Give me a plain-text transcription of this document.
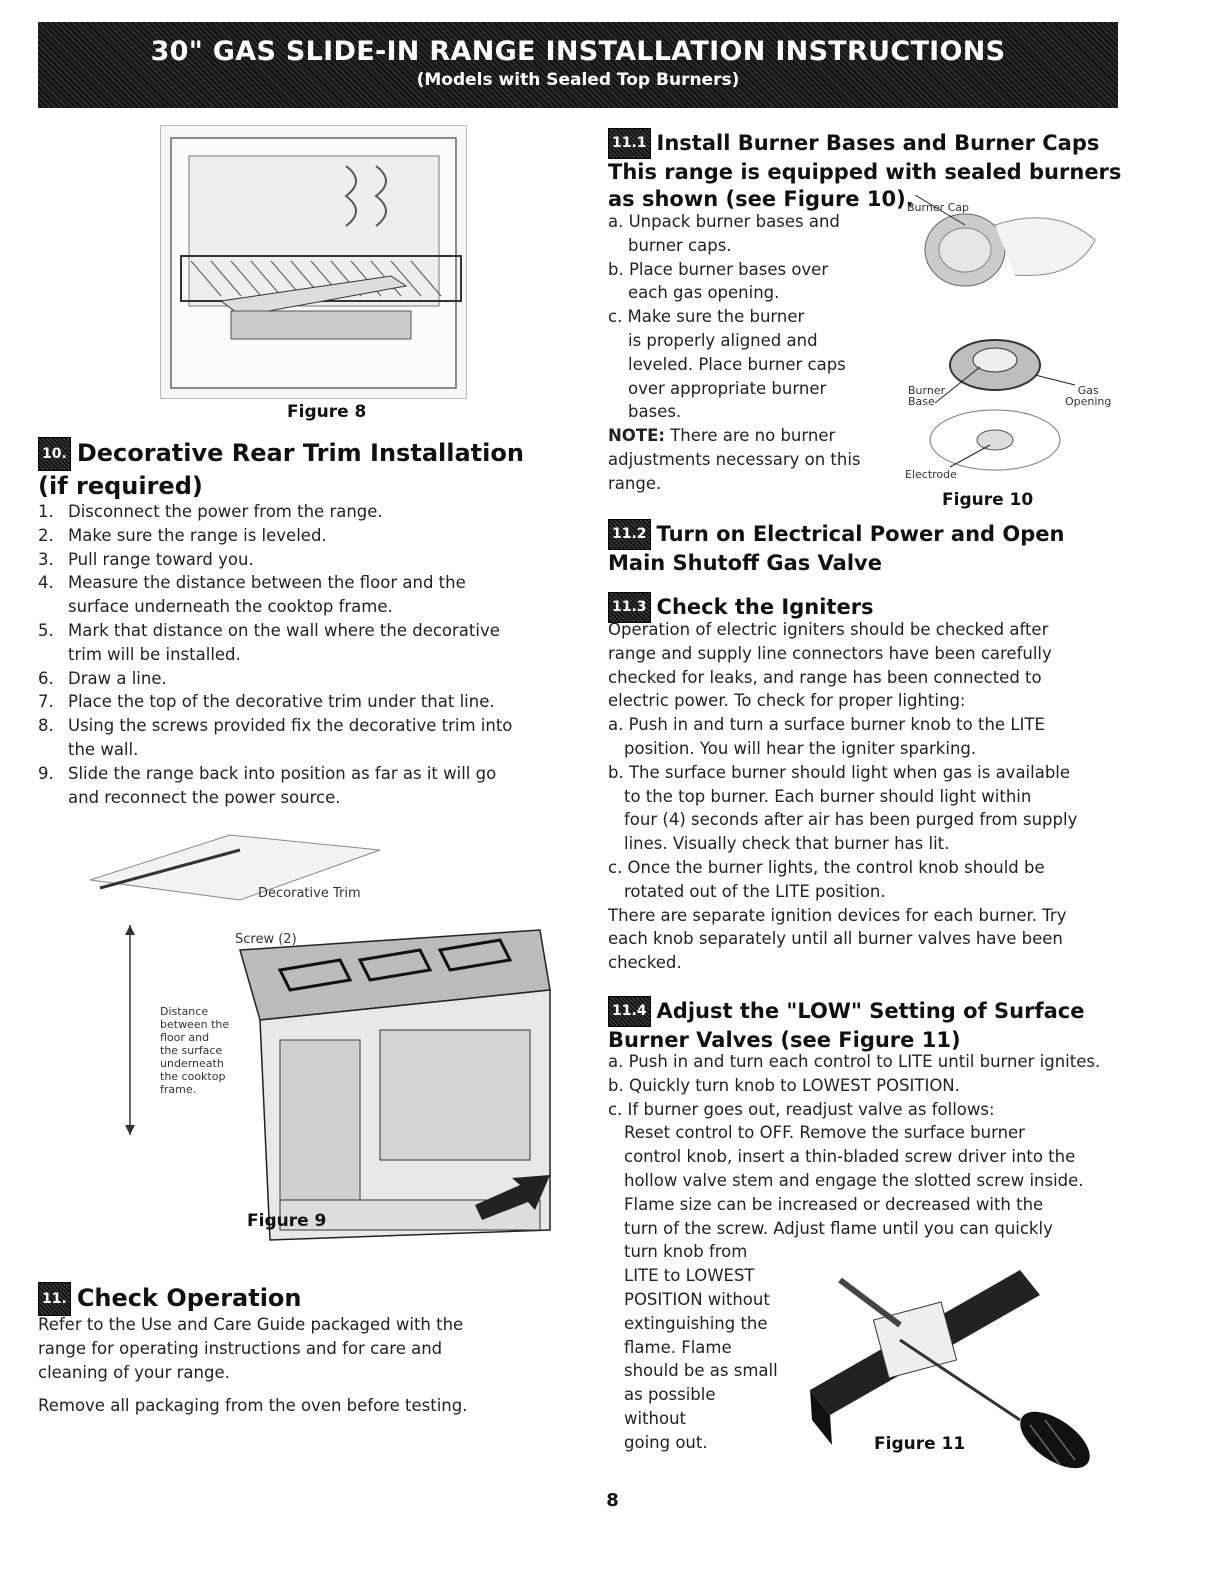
30" GAS SLIDE-IN RANGE INSTALLATION INSTRUCTIONS
(Models with Sealed Top Burners)
Figure 8
10. Decorative Rear Trim Installation
(if required)
1. Disconnect the power from the range.
2. Make sure the range is leveled.
3. Pull range toward you.
4. Measure the distance between the floor and the
surface underneath the cooktop frame.
5. Mark that distance on the wall where the decorative
trim will be installed.
6. Draw a line.
7. Place the top of the decorative trim under that line.
8. Using the screws provided fix the decorative trim into
the wall.
9. Slide the range back into position as far as it will go
and reconnect the power source.
Decorative Trim
Screw (2)
Distance
between the
floor and
the surface
underneath
the cooktop
frame.
Figure 9
11. Check Operation
Refer to the Use and Care Guide packaged with the
range for operating instructions and for care and
cleaning of your range.
Remove all packaging from the oven before testing.
11.1 Install Burner Bases and Burner Caps
This range is equipped with sealed burners
as shown (see Figure 10).
a. Unpack burner bases and
burner caps.
b. Place burner bases over
each gas opening.
c. Make sure the burner
is properly aligned and
leveled. Place burner caps
over appropriate burner
bases.
NOTE: There are no burner
adjustments necessary on this
range.
Burner Cap
Burner
Base
Gas
Opening
Electrode
Figure 10
11.2 Turn on Electrical Power and Open
Main Shutoff Gas Valve
11.3 Check the Igniters
Operation of electric igniters should be checked after
range and supply line connectors have been carefully
checked for leaks, and range has been connected to
electric power. To check for proper lighting:
a. Push in and turn a surface burner knob to the LITE
position. You will hear the igniter sparking.
b. The surface burner should light when gas is available
to the top burner. Each burner should light within
four (4) seconds after air has been purged from supply
lines. Visually check that burner has lit.
c. Once the burner lights, the control knob should be
rotated out of the LITE position.
There are separate ignition devices for each burner. Try
each knob separately until all burner valves have been
checked.
11.4 Adjust the "LOW" Setting of Surface
Burner Valves (see Figure 11)
a. Push in and turn each control to LITE until burner ignites.
b. Quickly turn knob to LOWEST POSITION.
c. If burner goes out, readjust valve as follows:
Reset control to OFF. Remove the surface burner
control knob, insert a thin-bladed screw driver into the
hollow valve stem and engage the slotted screw inside.
Flame size can be increased or decreased with the
turn of the screw. Adjust flame until you can quickly
turn knob from
LITE to LOWEST
POSITION without
extinguishing the
flame. Flame
should be as small
as possible
without
going out.	Figure 11
8
